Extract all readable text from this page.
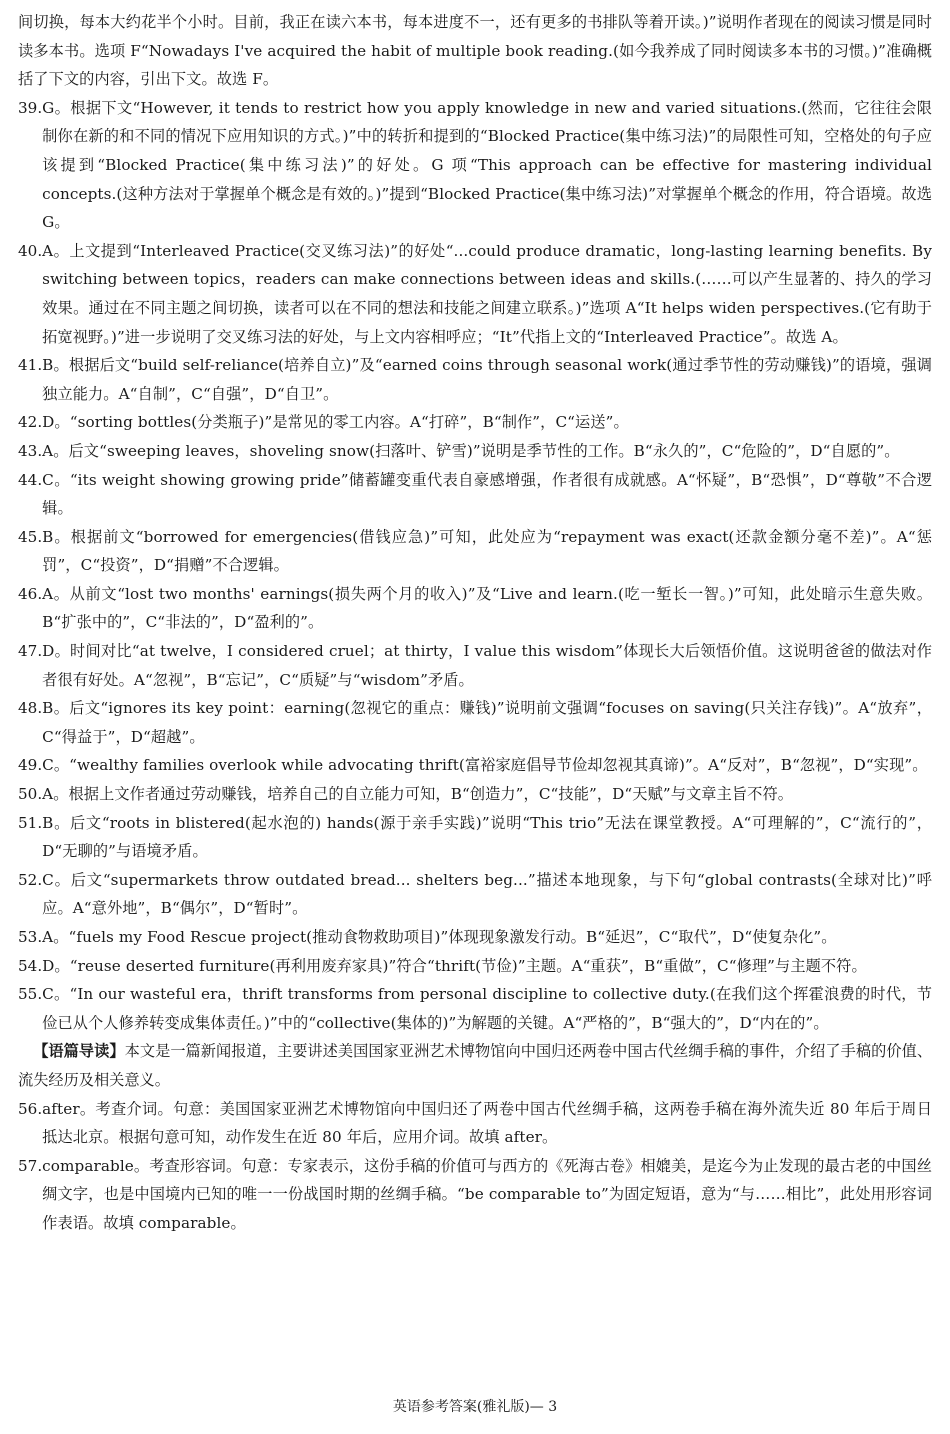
间切换，每本大约花半个小时。目前，我正在读六本书，每本进度不一，还有更多的书排队等着开读。)”说明作者现在的阅读习惯是同时读多本书。选项 F“Nowadays I've acquired the habit of multiple book reading.(如今我养成了同时阅读多本书的习惯。)”准确概括了下文的内容，引出下文。故选 F。

39. G。根据下文“However, it tends to restrict how you apply knowledge in new and varied situations.(然而，它往往会限制你在新的和不同的情况下应用知识的方式。)”中的转折和提到的“Blocked Practice(集中练习法)”的局限性可知，空格处的句子应该提到“Blocked Practice(集中练习法)”的好处。G 项“This approach can be effective for mastering individual concepts.(这种方法对于掌握单个概念是有效的。)”提到“Blocked Practice(集中练习法)”对掌握单个概念的作用，符合语境。故选 G。
40. A。上文提到“Interleaved Practice(交叉练习法)”的好处“...could produce dramatic，long-lasting learning benefits. By switching between topics，readers can make connections between ideas and skills.(……可以产生显著的、持久的学习效果。通过在不同主题之间切换，读者可以在不同的想法和技能之间建立联系。)”选项 A“It helps widen perspectives.(它有助于拓宽视野。)”进一步说明了交叉练习法的好处，与上文内容相呼应；“It”代指上文的“Interleaved Practice”。故选 A。
41. B。根据后文“build self-reliance(培养自立)”及“earned coins through seasonal work(通过季节性的劳动赚钱)”的语境，强调独立能力。A“自制”，C“自强”，D“自卫”。
42. D。“sorting bottles(分类瓶子)”是常见的零工内容。A“打碎”，B“制作”，C“运送”。
43. A。后文“sweeping leaves，shoveling snow(扫落叶、铲雪)”说明是季节性的工作。B“永久的”，C“危险的”，D“自愿的”。
44. C。“its weight showing growing pride”储蓄罐变重代表自豪感增强，作者很有成就感。A“怀疑”，B“恐惧”，D“尊敬”不合逻辑。
45. B。根据前文“borrowed for emergencies(借钱应急)”可知，此处应为“repayment was exact(还款金额分毫不差)”。A“惩罚”，C“投资”，D“捐赠”不合逻辑。
46. A。从前文“lost two months' earnings(损失两个月的收入)”及“Live and learn.(吃一堑长一智。)”可知，此处暗示生意失败。B“扩张中的”，C“非法的”，D“盈利的”。
47. D。时间对比“at twelve，I considered cruel；at thirty，I value this wisdom”体现长大后领悟价值。这说明爸爸的做法对作者很有好处。A“忽视”，B“忘记”，C“质疑”与“wisdom”矛盾。
48. B。后文“ignores its key point：earning(忽视它的重点：赚钱)”说明前文强调“focuses on saving(只关注存钱)”。A“放弃”，C“得益于”，D“超越”。
49. C。“wealthy families overlook while advocating thrift(富裕家庭倡导节俭却忽视其真谛)”。A“反对”，B“忽视”，D“实现”。
50. A。根据上文作者通过劳动赚钱，培养自己的自立能力可知，B“创造力”，C“技能”，D“天赋”与文章主旨不符。
51. B。后文“roots in blistered(起水泡的) hands(源于亲手实践)”说明“This trio”无法在课堂教授。A“可理解的”，C“流行的”，D“无聊的”与语境矛盾。
52. C。后文“supermarkets throw outdated bread... shelters beg...”描述本地现象，与下句“global contrasts(全球对比)”呼应。A“意外地”，B“偶尔”，D“暂时”。
53. A。“fuels my Food Rescue project(推动食物救助项目)”体现现象激发行动。B“延迟”，C“取代”，D“使复杂化”。
54. D。“reuse deserted furniture(再利用废弃家具)”符合“thrift(节俭)”主题。A“重获”，B“重做”，C“修理”与主题不符。
55. C。“In our wasteful era，thrift transforms from personal discipline to collective duty.(在我们这个挥霍浪费的时代，节俭已从个人修养转变成集体责任。)”中的“collective(集体的)”为解题的关键。A“严格的”，B“强大的”，D“内在的”。

【语篇导读】本文是一篇新闻报道，主要讲述美国国家亚洲艺术博物馆向中国归还两卷中国古代丝绸手稿的事件，介绍了手稿的价值、流失经历及相关意义。

56. after。考查介词。句意：美国国家亚洲艺术博物馆向中国归还了两卷中国古代丝绸手稿，这两卷手稿在海外流失近 80 年后于周日抵达北京。根据句意可知，动作发生在近 80 年后，应用介词。故填 after。
57. comparable。考查形容词。句意：专家表示，这份手稿的价值可与西方的《死海古卷》相媲美，是迄今为止发现的最古老的中国丝绸文字，也是中国境内已知的唯一一份战国时期的丝绸手稿。“be comparable to”为固定短语，意为“与……相比”，此处用形容词作表语。故填 comparable。
英语参考答案(雅礼版)— 3
